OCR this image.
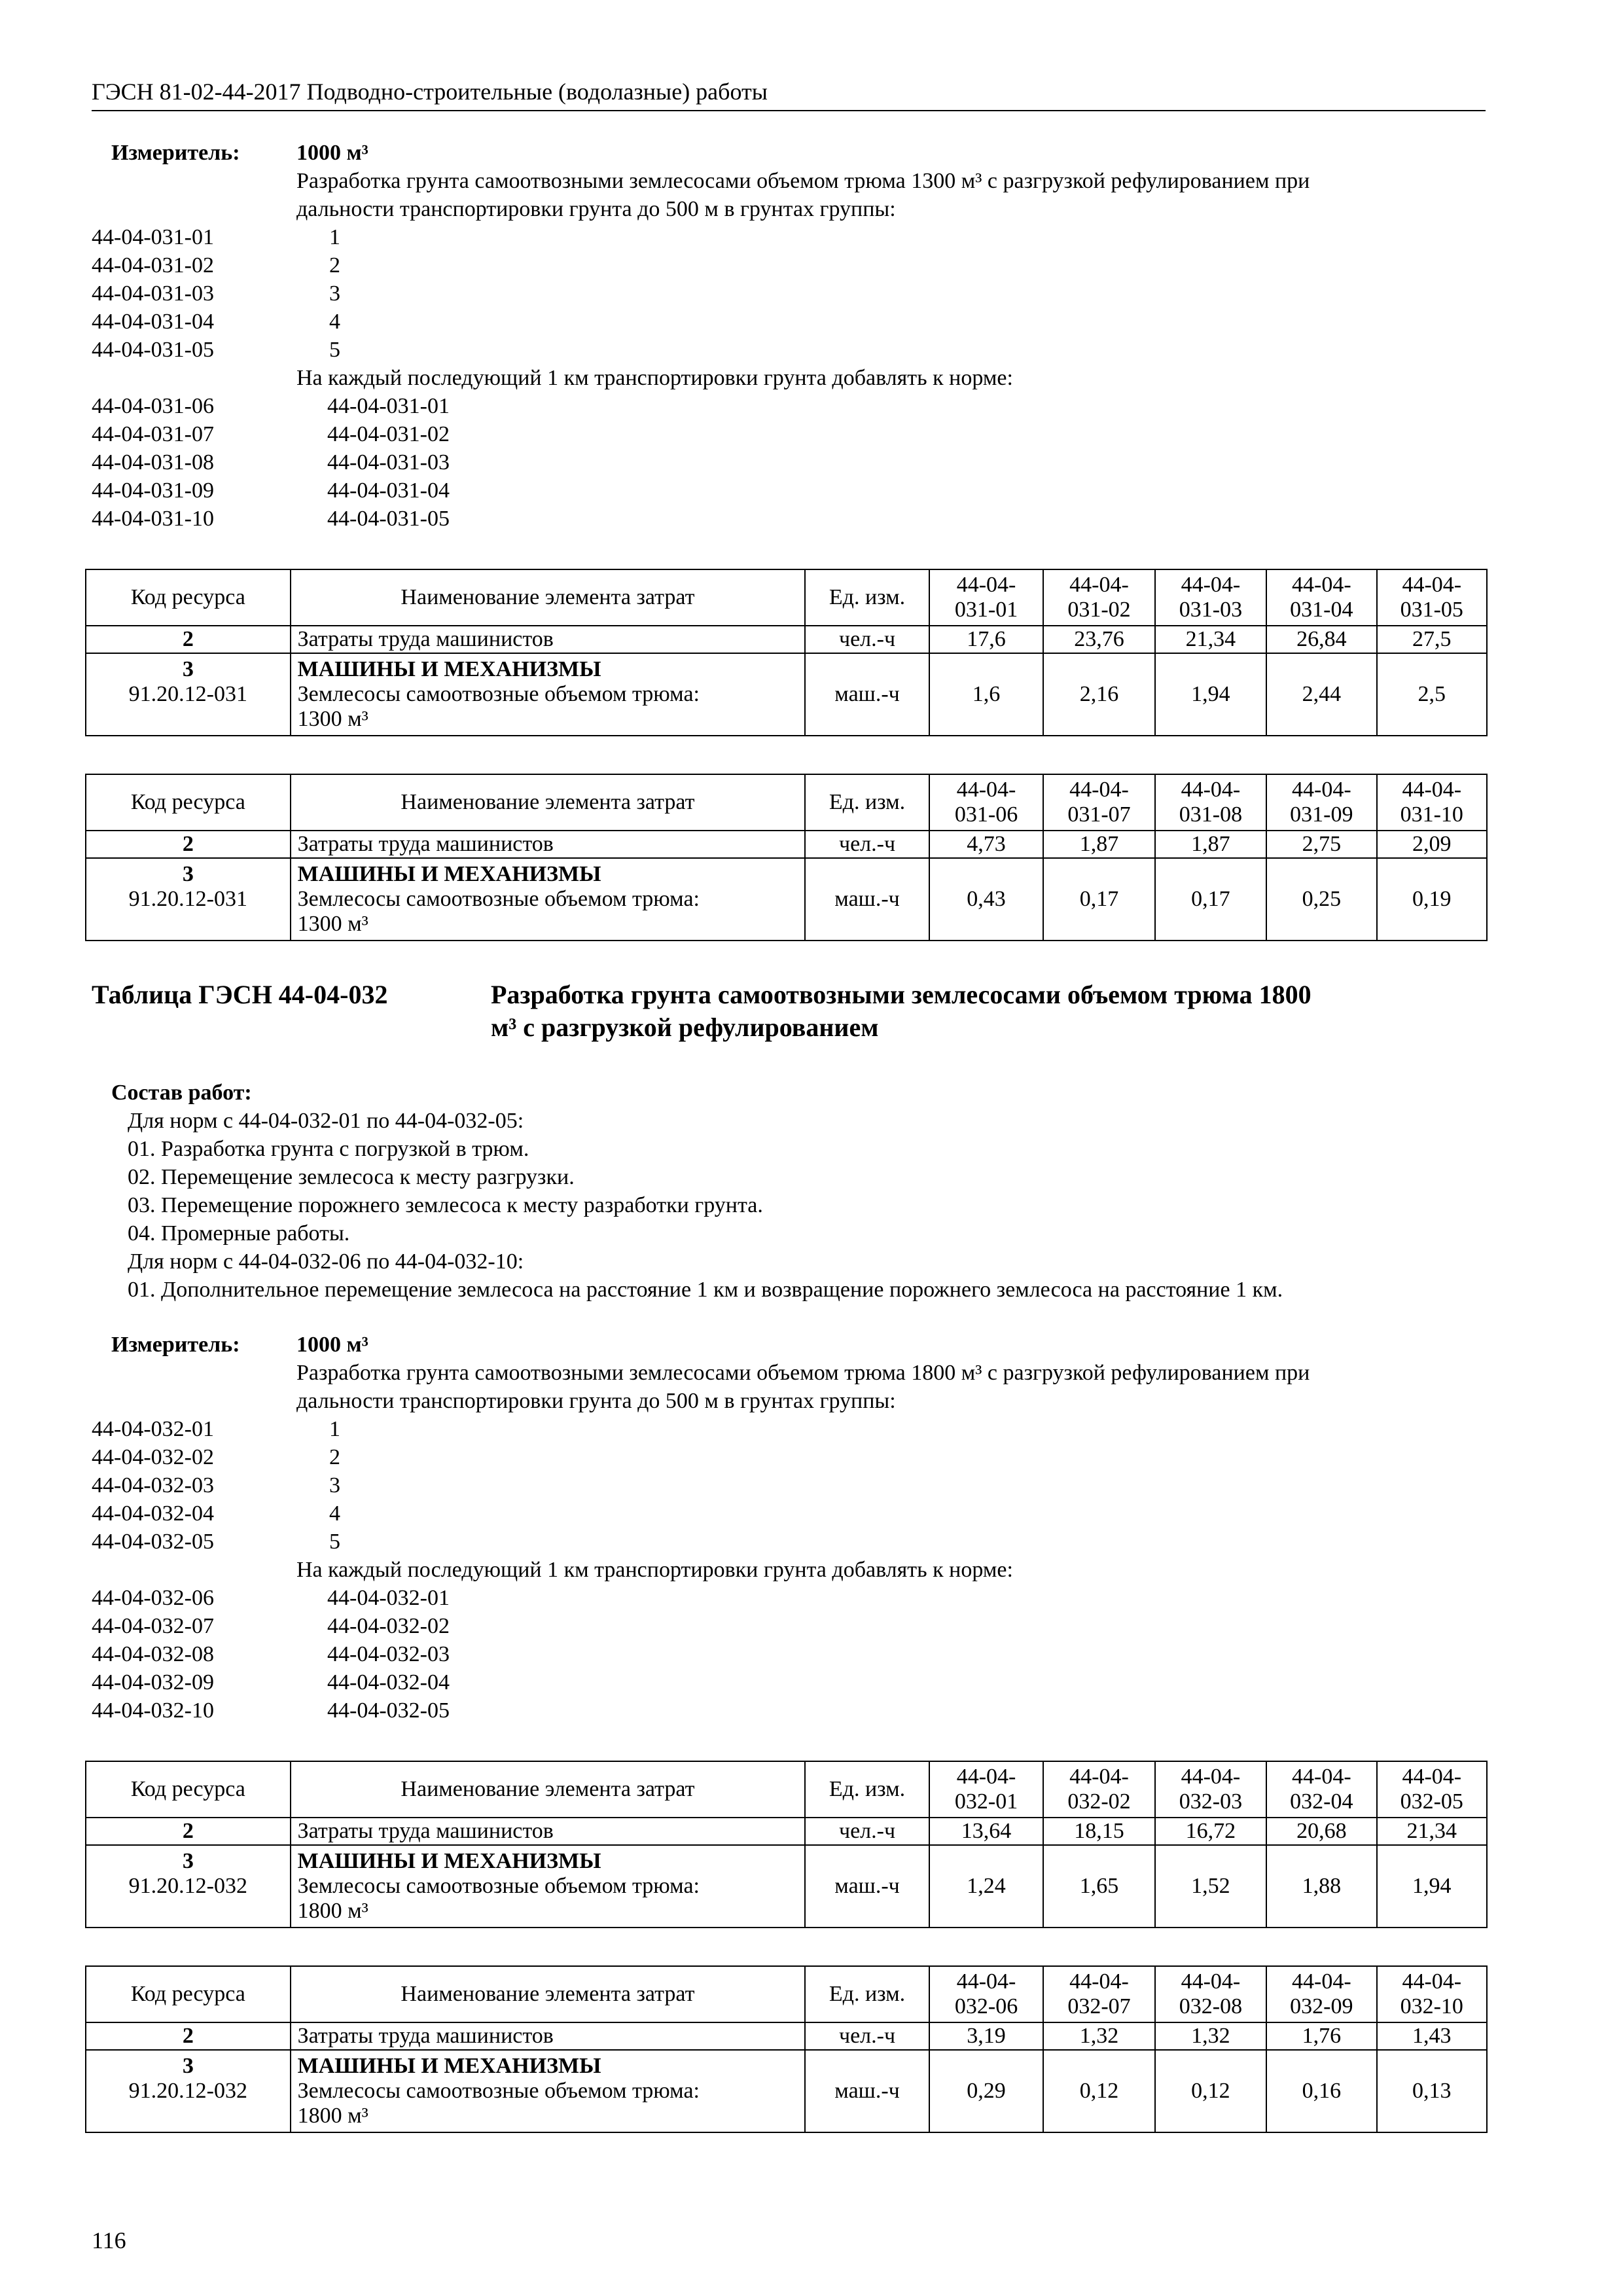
ГЭСН 81-02-44-2017 Подводно-строительные (водолазные) работы
Измеритель:	1000 м³
Разработка грунта самоотвозными землесосами объемом трюма 1300 м³ с разгрузкой рефулированием при
дальности транспортировки грунта до 500 м в грунтах группы:
44-04-031-01	1
44-04-031-02	2
44-04-031-03	3
44-04-031-04	4
44-04-031-05	5
На каждый последующий 1 км транспортировки грунта добавлять к норме:
44-04-031-06	44-04-031-01
44-04-031-07	44-04-031-02
44-04-031-08	44-04-031-03
44-04-031-09	44-04-031-04
44-04-031-10	44-04-031-05
Код ресурса	Наименование элемента затрат	Ед. изм.	44-04-
031-01	44-04-
031-02	44-04-
031-03	44-04-
031-04	44-04-
031-05
2	Затраты труда машинистов	чел.-ч	17,6	23,76	21,34	26,84	27,5
3
91.20.12-031	МАШИНЫ И МЕХАНИЗМЫ
Землесосы самоотвозные объемом трюма:
1300 м³	маш.-ч	1,6	2,16	1,94	2,44	2,5
Код ресурса	Наименование элемента затрат	Ед. изм.	44-04-
031-06	44-04-
031-07	44-04-
031-08	44-04-
031-09	44-04-
031-10
2	Затраты труда машинистов	чел.-ч	4,73	1,87	1,87	2,75	2,09
3
91.20.12-031	МАШИНЫ И МЕХАНИЗМЫ
Землесосы самоотвозные объемом трюма:
1300 м³	маш.-ч	0,43	0,17	0,17	0,25	0,19
Таблица ГЭСН 44-04-032	Разработка грунта самоотвозными землесосами объемом трюма 1800
м³ с разгрузкой рефулированием
Состав работ:
Для норм с 44-04-032-01 по 44-04-032-05:
01. Разработка грунта с погрузкой в трюм.
02. Перемещение землесоса к месту разгрузки.
03. Перемещение порожнего землесоса к месту разработки грунта.
04. Промерные работы.
Для норм с 44-04-032-06 по 44-04-032-10:
01. Дополнительное перемещение землесоса на расстояние 1 км и возвращение порожнего землесоса на расстояние 1 км.
Измеритель:	1000 м³
Разработка грунта самоотвозными землесосами объемом трюма 1800 м³ с разгрузкой рефулированием при
дальности транспортировки грунта до 500 м в грунтах группы:
44-04-032-01	1
44-04-032-02	2
44-04-032-03	3
44-04-032-04	4
44-04-032-05	5
На каждый последующий 1 км транспортировки грунта добавлять к норме:
44-04-032-06	44-04-032-01
44-04-032-07	44-04-032-02
44-04-032-08	44-04-032-03
44-04-032-09	44-04-032-04
44-04-032-10	44-04-032-05
Код ресурса	Наименование элемента затрат	Ед. изм.	44-04-
032-01	44-04-
032-02	44-04-
032-03	44-04-
032-04	44-04-
032-05
2	Затраты труда машинистов	чел.-ч	13,64	18,15	16,72	20,68	21,34
3
91.20.12-032	МАШИНЫ И МЕХАНИЗМЫ
Землесосы самоотвозные объемом трюма:
1800 м³	маш.-ч	1,24	1,65	1,52	1,88	1,94
Код ресурса	Наименование элемента затрат	Ед. изм.	44-04-
032-06	44-04-
032-07	44-04-
032-08	44-04-
032-09	44-04-
032-10
2	Затраты труда машинистов	чел.-ч	3,19	1,32	1,32	1,76	1,43
3
91.20.12-032	МАШИНЫ И МЕХАНИЗМЫ
Землесосы самоотвозные объемом трюма:
1800 м³	маш.-ч	0,29	0,12	0,12	0,16	0,13
116
